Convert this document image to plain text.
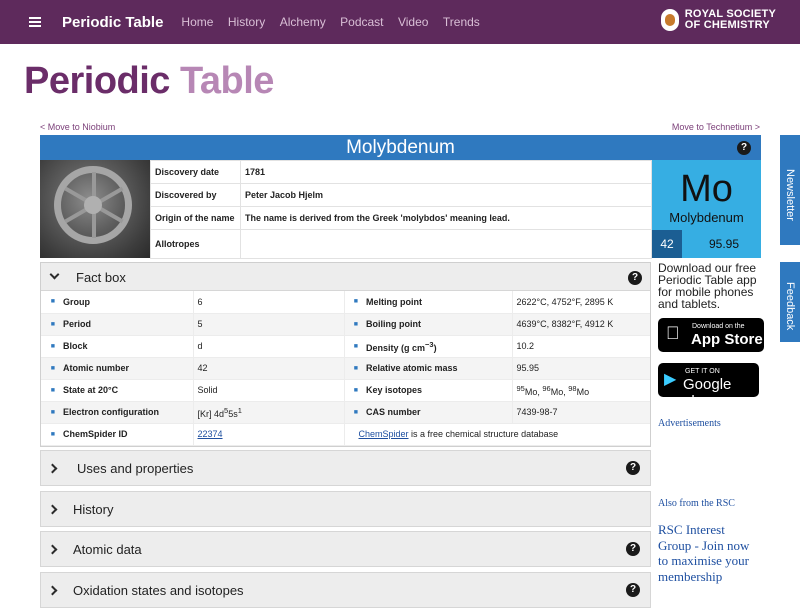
Periodic Table	Home History Alchemy Podcast Video Trends
ROYAL SOCIETY
OF CHEMISTRY
Periodic Table
< Move to Niobium	Move to Technetium >
Molybdenum	?
Discovery date	1781
Discovered by	Peter Jacob Hjelm
Origin of the name	The name is derived from the Greek 'molybdos' meaning lead.
Allotropes	
Mo
Molybdenum
42	95.95
Fact box	?
■	Group	6	■	Melting point	2622°C, 4752°F, 2895 K
■	Period	5	■	Boiling point	4639°C, 8382°F, 4912 K
■	Block	d	■	Density (g $cm^{-3}$)	10.2
■	Atomic number	42	■	Relative atomic mass	95.95
■	State at 20°C	Solid	■	Key isotopes	$^{95}$Mo, $^{96}$Mo, $^{98}$Mo
■	Electron configuration	[Kr] $4d^55s^1$	■	CAS number	7439-98-7
■	ChemSpider ID	22374	ChemSpider is a free chemical structure database		
Uses and properties	?
History
Atomic data	?
Oxidation states and isotopes	?
Download our free Periodic Table app for mobile phones and tablets.
Download on the
App Store
▶ GET IT ON
Google play
Advertisements
Also from the RSC
RSC Interest Group - Join now to maximise your membership
Newsletter
Feedback
